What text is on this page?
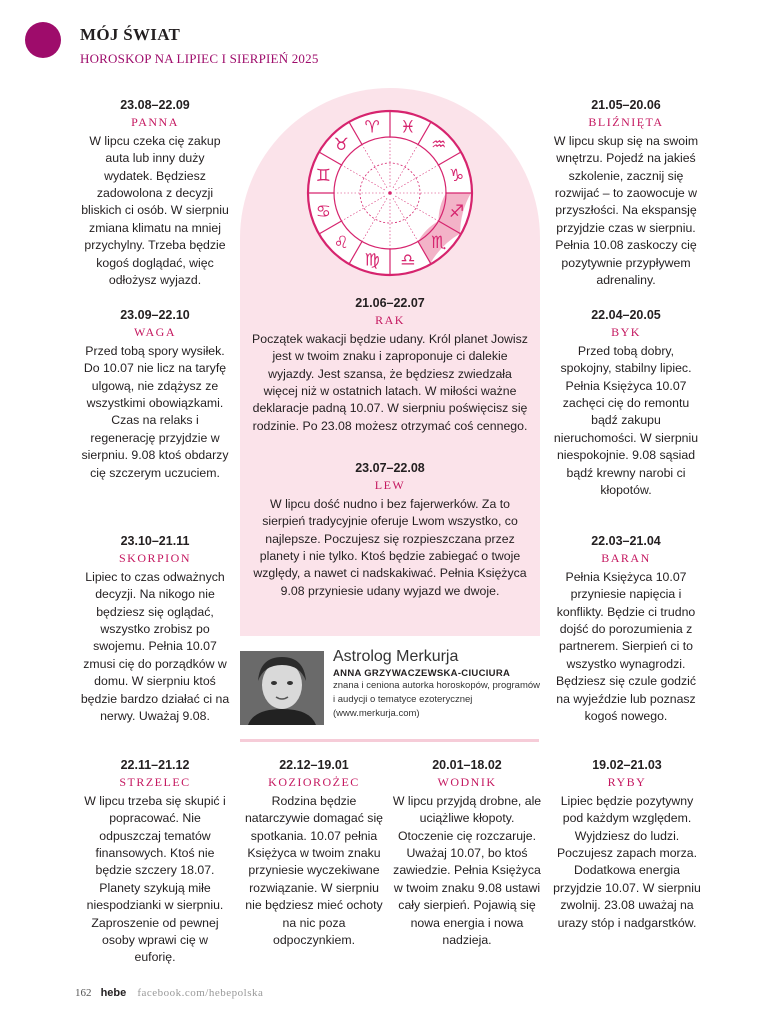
MÓJ ŚWIAT
HOROSKOP NA LIPIEC I SIERPIEŃ 2025
♈
♉
♊
♋
♌
♍ ♎
♏
♐
♑
♒
♓
23.08–22.09
PANNA
W lipcu czeka cię zakup auta lub inny duży wydatek. Będziesz zadowolona z decyzji bliskich ci osób. W sierpniu zmiana klimatu na mniej przychylny. Trzeba będzie kogoś doglądać, więc odłożysz wyjazd.
23.09–22.10
WAGA
Przed tobą spory wysiłek. Do 10.07 nie licz na taryfę ulgową, nie zdążysz ze wszystkimi obowiązkami. Czas na relaks i regenerację przyjdzie w sierpniu. 9.08 ktoś obdarzy cię szczerym uczuciem.
23.10–21.11
SKORPION
Lipiec to czas odważnych decyzji. Na nikogo nie będziesz się oglądać, wszystko zrobisz po swojemu. Pełnia 10.07 zmusi cię do porządków w domu. W sierpniu ktoś będzie bardzo działać ci na nerwy. Uważaj 9.08.
21.05–20.06
BLIŹNIĘTA
W lipcu skup się na swoim wnętrzu. Pojedź na jakieś szkolenie, zacznij się rozwijać – to zaowocuje w przyszłości. Na ekspansję przyjdzie czas w sierpniu. Pełnia 10.08 zaskoczy cię pozytywnie przypływem adrenaliny.
22.04–20.05
BYK
Przed tobą dobry, spokojny, stabilny lipiec. Pełnia Księżyca 10.07 zachęci cię do remontu bądź zakupu nieruchomości. W sierpniu niespokojnie. 9.08 sąsiad bądź krewny narobi ci kłopotów.
22.03–21.04
BARAN
Pełnia Księżyca 10.07 przyniesie napięcia i konflikty. Będzie ci trudno dojść do porozumienia z partnerem. Sierpień ci to wszystko wynagrodzi. Będziesz się czule godzić na wyjeździe lub poznasz kogoś nowego.
21.06–22.07
RAK
Początek wakacji będzie udany. Król planet Jowisz jest w twoim znaku i zaproponuje ci dalekie wyjazdy. Jest szansa, że będziesz zwiedzała więcej niż w ostatnich latach. W miłości ważne deklaracje padną 10.07. W sierpniu poświęcisz się rodzinie. Po 23.08 możesz otrzymać coś cennego.
23.07–22.08
LEW
W lipcu dość nudno i bez fajerwerków. Za to sierpień tradycyjnie oferuje Lwom wszystko, co najlepsze. Poczujesz się rozpieszczana przez planety i nie tylko. Ktoś będzie zabiegać o twoje względy, a nawet ci nadskakiwać. Pełnia Księżyca 9.08 przyniesie udany wyjazd we dwoje.
Astrolog Merkurja
ANNA GRZYWACZEWSKA-CIUCIURA
znana i ceniona autorka horoskopów, programów i audycji o tematyce ezoterycznej (www.merkurja.com)
22.11–21.12
STRZELEC
W lipcu trzeba się skupić i popracować. Nie odpuszczaj tematów finansowych. Ktoś nie będzie szczery 18.07. Planety szykują miłe niespodzianki w sierpniu. Zaproszenie od pewnej osoby wprawi cię w euforię.
22.12–19.01
KOZIOROŻEC
Rodzina będzie natarczywie domagać się spotkania. 10.07 pełnia Księżyca w twoim znaku przyniesie wyczekiwane rozwiązanie. W sierpniu nie będziesz mieć ochoty na nic poza odpoczynkiem.
20.01–18.02
WODNIK
W lipcu przyjdą drobne, ale uciążliwe kłopoty. Otoczenie cię rozczaruje. Uważaj 10.07, bo ktoś zawiedzie. Pełnia Księżyca w twoim znaku 9.08 ustawi cały sierpień. Pojawią się nowa energia i nowa nadzieja.
19.02–21.03
RYBY
Lipiec będzie pozytywny pod każdym względem. Wyjdziesz do ludzi. Poczujesz zapach morza. Dodatkowa energia przyjdzie 10.07. W sierpniu zwolnij. 23.08 uważaj na urazy stóp i nadgarstków.
162 hebe facebook.com/hebepolska
